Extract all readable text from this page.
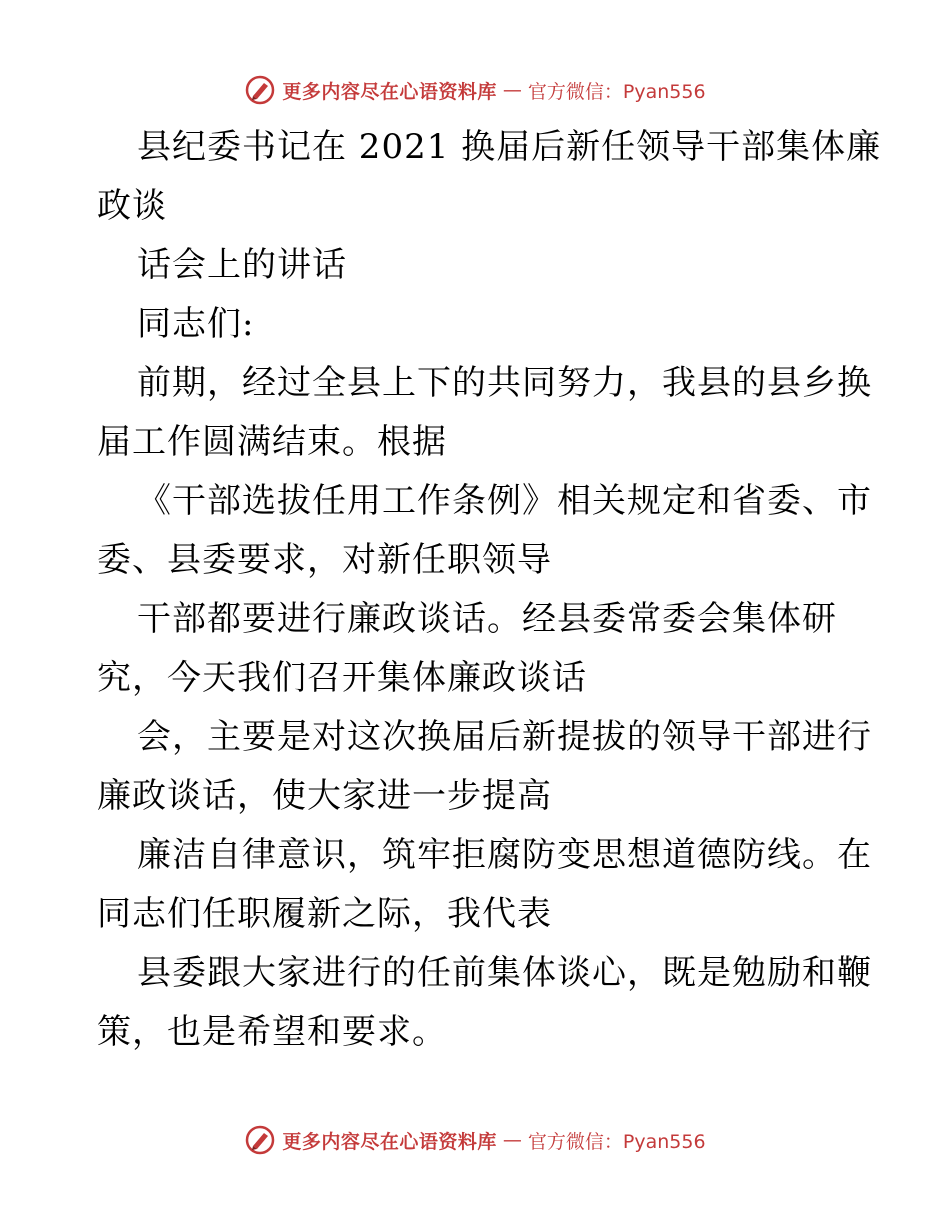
更多内容尽在心语资料库 — 官方微信：Pyan556
县纪委书记在 2021 换届后新任领导干部集体廉
政谈
话会上的讲话
同志们:
前期，经过全县上下的共同努力，我县的县乡换
届工作圆满结束。根据
《干部选拔任用工作条例》相关规定和省委、市
委、县委要求，对新任职领导
干部都要进行廉政谈话。经县委常委会集体研
究，今天我们召开集体廉政谈话
会，主要是对这次换届后新提拔的领导干部进行
廉政谈话，使大家进一步提高
廉洁自律意识，筑牢拒腐防变思想道德防线。在
同志们任职履新之际，我代表
县委跟大家进行的任前集体谈心，既是勉励和鞭
策，也是希望和要求。
更多内容尽在心语资料库 — 官方微信：Pyan556
